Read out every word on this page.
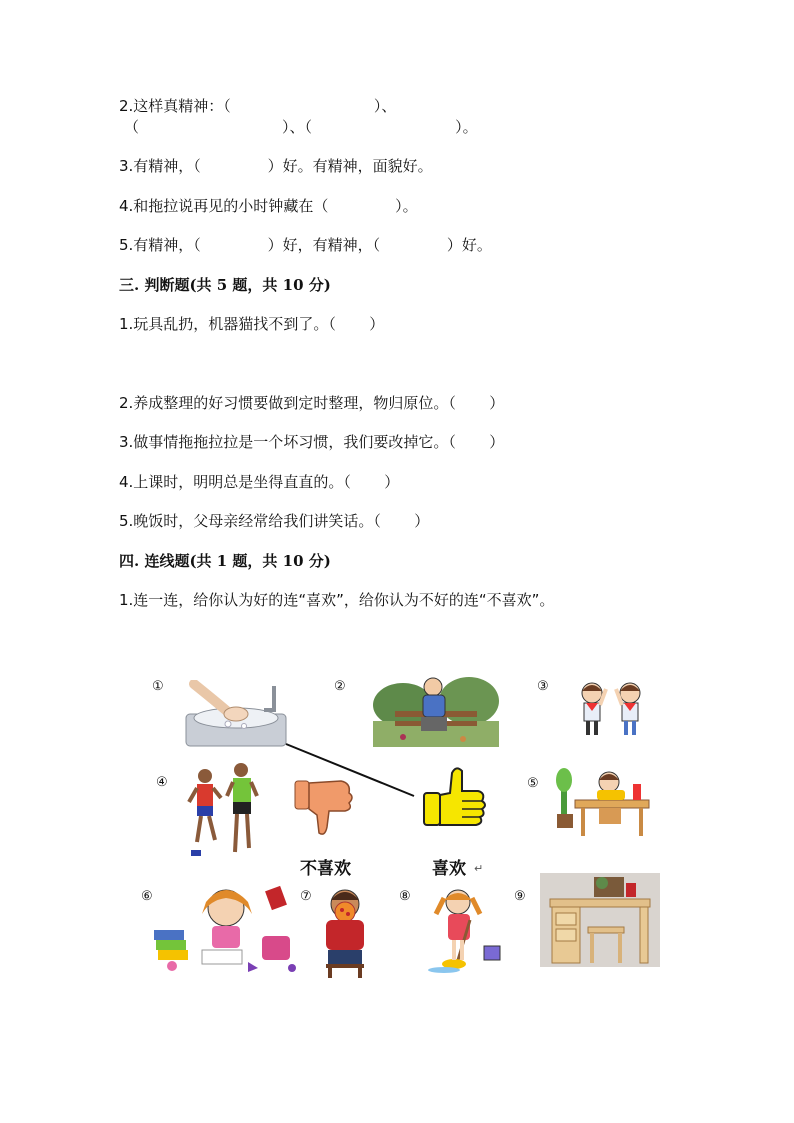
2.这样真精神：（                              ）、
（                              ）、（                              ）。
3.有精神，（              ）好。有精神，面貌好。
4.和拖拉说再见的小时钟藏在（              ）。
5.有精神，（              ）好，有精神，（              ）好。
三. 判断题(共 5 题，共 10 分)
1.玩具乱扔，机器猫找不到了。（       ）
2.养成整理的好习惯要做到定时整理，物归原位。（       ）
3.做事情拖拖拉拉是一个坏习惯，我们要改掉它。（       ）
4.上课时，明明总是坐得直直的。（       ）
5.晚饭时，父母亲经常给我们讲笑话。（       ）
四. 连线题(共 1 题，共 10 分)
1.连一连，给你认为好的连“喜欢”，给你认为不好的连“不喜欢”。
①	②	③
④	⑤
⑥	⑦	⑧	⑨
不喜欢	喜欢 ↵
